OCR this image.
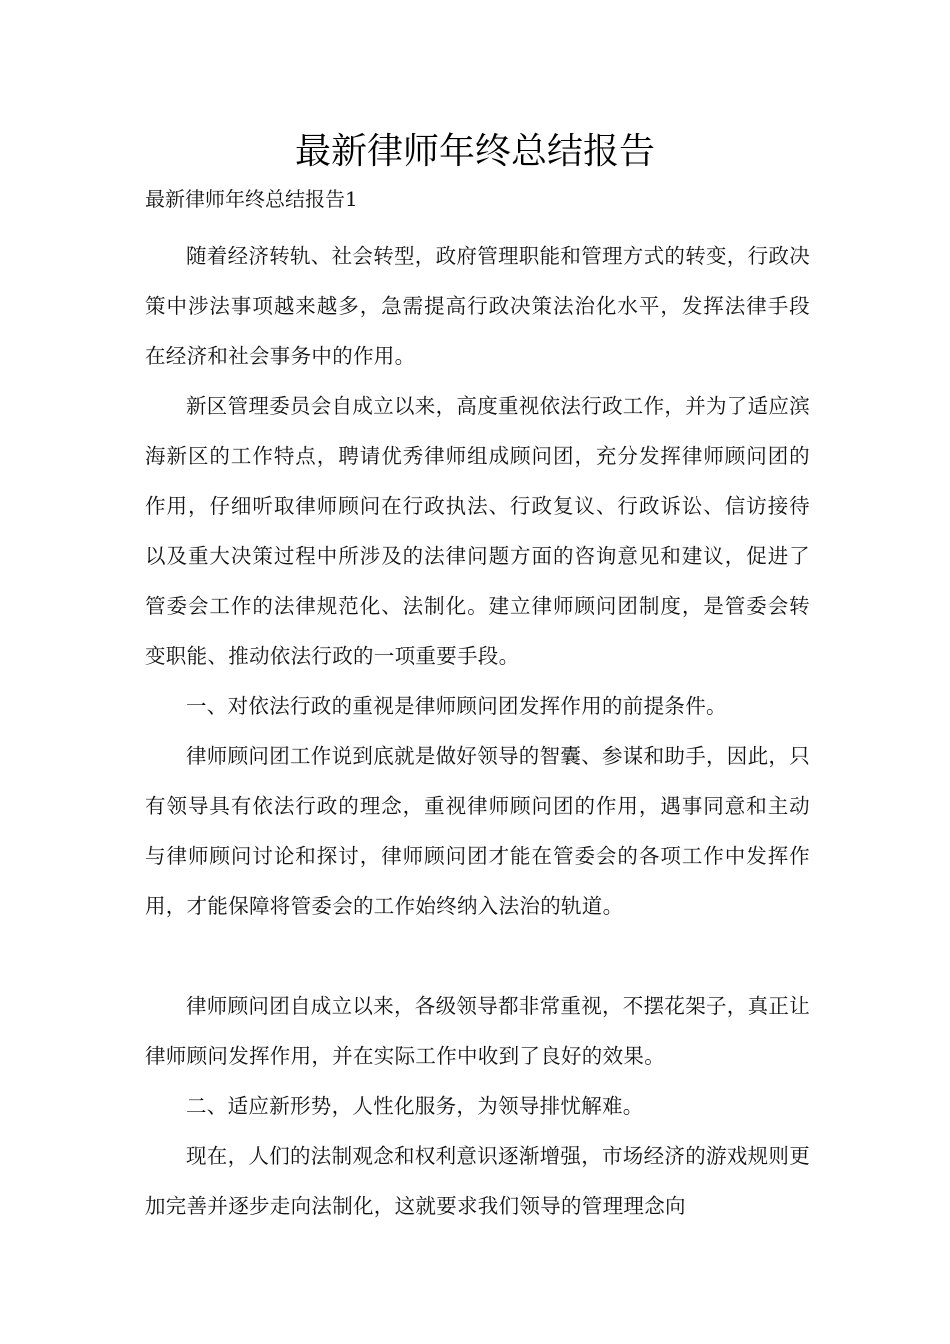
最新律师年终总结报告

最新律师年终总结报告1

随着经济转轨、社会转型，政府管理职能和管理方式的转变，行政决策中涉法事项越来越多，急需提高行政决策法治化水平，发挥法律手段在经济和社会事务中的作用。

新区管理委员会自成立以来，高度重视依法行政工作，并为了适应滨海新区的工作特点，聘请优秀律师组成顾问团，充分发挥律师顾问团的作用，仔细听取律师顾问在行政执法、行政复议、行政诉讼、信访接待以及重大决策过程中所涉及的法律问题方面的咨询意见和建议，促进了管委会工作的法律规范化、法制化。建立律师顾问团制度，是管委会转变职能、推动依法行政的一项重要手段。

一、对依法行政的重视是律师顾问团发挥作用的前提条件。

律师顾问团工作说到底就是做好领导的智囊、参谋和助手，因此，只有领导具有依法行政的理念，重视律师顾问团的作用，遇事同意和主动与律师顾问讨论和探讨，律师顾问团才能在管委会的各项工作中发挥作用，才能保障将管委会的工作始终纳入法治的轨道。

律师顾问团自成立以来，各级领导都非常重视，不摆花架子，真正让律师顾问发挥作用，并在实际工作中收到了良好的效果。

二、适应新形势，人性化服务，为领导排忧解难。

现在，人们的法制观念和权利意识逐渐增强，市场经济的游戏规则更加完善并逐步走向法制化，这就要求我们领导的管理理念向
